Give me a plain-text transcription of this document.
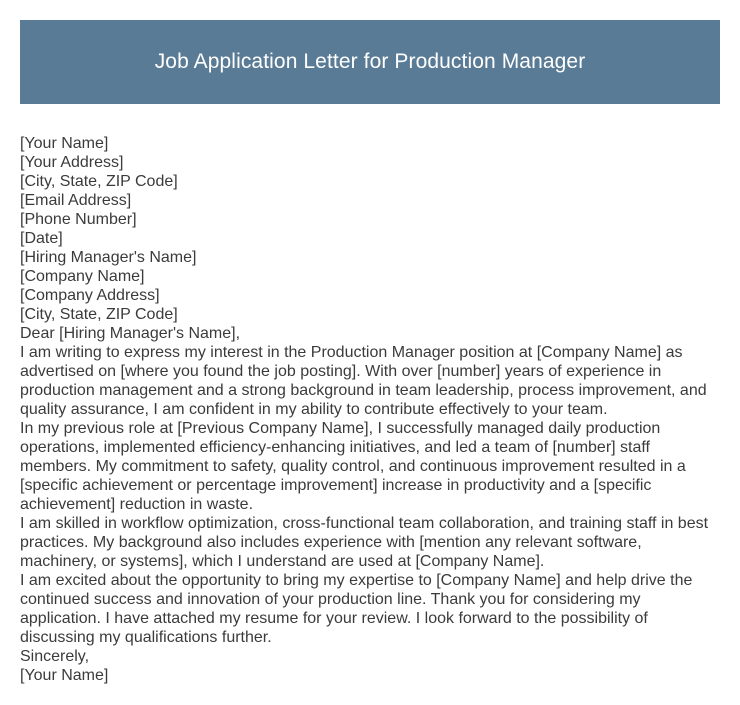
Job Application Letter for Production Manager
[Your Name]
[Your Address]
[City, State, ZIP Code]
[Email Address]
[Phone Number]
[Date]
[Hiring Manager's Name]
[Company Name]
[Company Address]
[City, State, ZIP Code]
Dear [Hiring Manager's Name],
I am writing to express my interest in the Production Manager position at [Company Name] as
advertised on [where you found the job posting]. With over [number] years of experience in
production management and a strong background in team leadership, process improvement, and
quality assurance, I am confident in my ability to contribute effectively to your team.
In my previous role at [Previous Company Name], I successfully managed daily production
operations, implemented efficiency-enhancing initiatives, and led a team of [number] staff
members. My commitment to safety, quality control, and continuous improvement resulted in a
[specific achievement or percentage improvement] increase in productivity and a [specific
achievement] reduction in waste.
I am skilled in workflow optimization, cross-functional team collaboration, and training staff in best
practices. My background also includes experience with [mention any relevant software,
machinery, or systems], which I understand are used at [Company Name].
I am excited about the opportunity to bring my expertise to [Company Name] and help drive the
continued success and innovation of your production line. Thank you for considering my
application. I have attached my resume for your review. I look forward to the possibility of
discussing my qualifications further.
Sincerely,
[Your Name]
